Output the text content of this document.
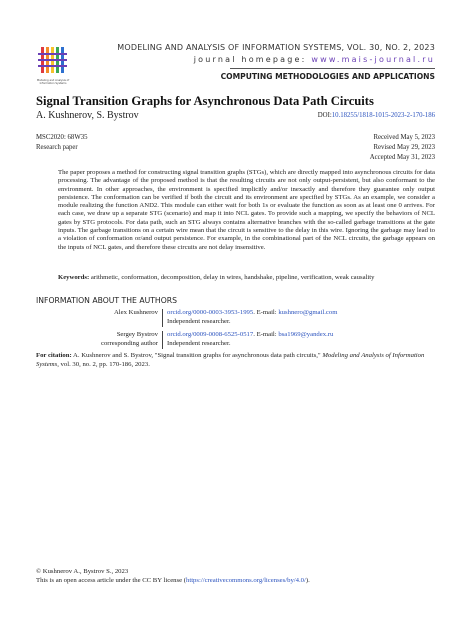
Modeling and Analysis of Information Systems
MODELING AND ANALYSIS OF INFORMATION SYSTEMS, VOL. 30, NO. 2, 2023
journal homepage: www.mais-journal.ru
COMPUTING METHODOLOGIES AND APPLICATIONS
Signal Transition Graphs for Asynchronous Data Path Circuits
A. Kushnerov, S. Bystrov	DOI:10.18255/1818-1015-2023-2-170-186
MSC2020: 68W35
Research paper
Received May 5, 2023
Revised May 29, 2023
Accepted May 31, 2023
The paper proposes a method for constructing signal transition graphs (STGs), which are directly mapped into asynchronous circuits for data processing. The advantage of the proposed method is that the resulting circuits are not only output-persistent, but also conformant to the environment. In other approaches, the environment is specified implicitly and/or inexactly and therefore they guarantee only output persistence. The conformation can be verified if both the circuit and its environment are specified by STGs. As an example, we consider a module realizing the function AND2. This module can either wait for both 1s or evaluate the function as soon as at least one 0 arrives. For each case, we draw up a separate STG (scenario) and map it into NCL gates. To provide such a mapping, we specify the behaviors of NCL gates by STG protocols. For data path, such an STG always contains alternative branches with the so-called garbage transitions at the gate inputs. The garbage transitions on a certain wire mean that the circuit is sensitive to the delay in this wire. Ignoring the garbage may lead to a violation of conformation or/and output persistence. For example, in the combinational part of the NCL circuits, the garbage appears on the inputs of NCL gates, and therefore these circuits are not delay insensitive.
Keywords: arithmetic, conformation, decomposition, delay in wires, handshake, pipeline, verification, weak causality
INFORMATION ABOUT THE AUTHORS
Alex Kushnerov orcid.org/0000-0003-3953-1995. E-mail: kushnero@gmail.com
Independent researcher.
Sergey Bystrov
corresponding author
orcid.org/0009-0008-6525-0517. E-mail: bsa1969@yandex.ru
Independent researcher.
For citation: A. Kushnerov and S. Bystrov, "Signal transition graphs for asynchronous data path circuits," Modeling and Analysis of Information Systems, vol. 30, no. 2, pp. 170-186, 2023.
© Kushnerov A., Bystrov S., 2023
This is an open access article under the CC BY license (https://creativecommons.org/licenses/by/4.0/).
